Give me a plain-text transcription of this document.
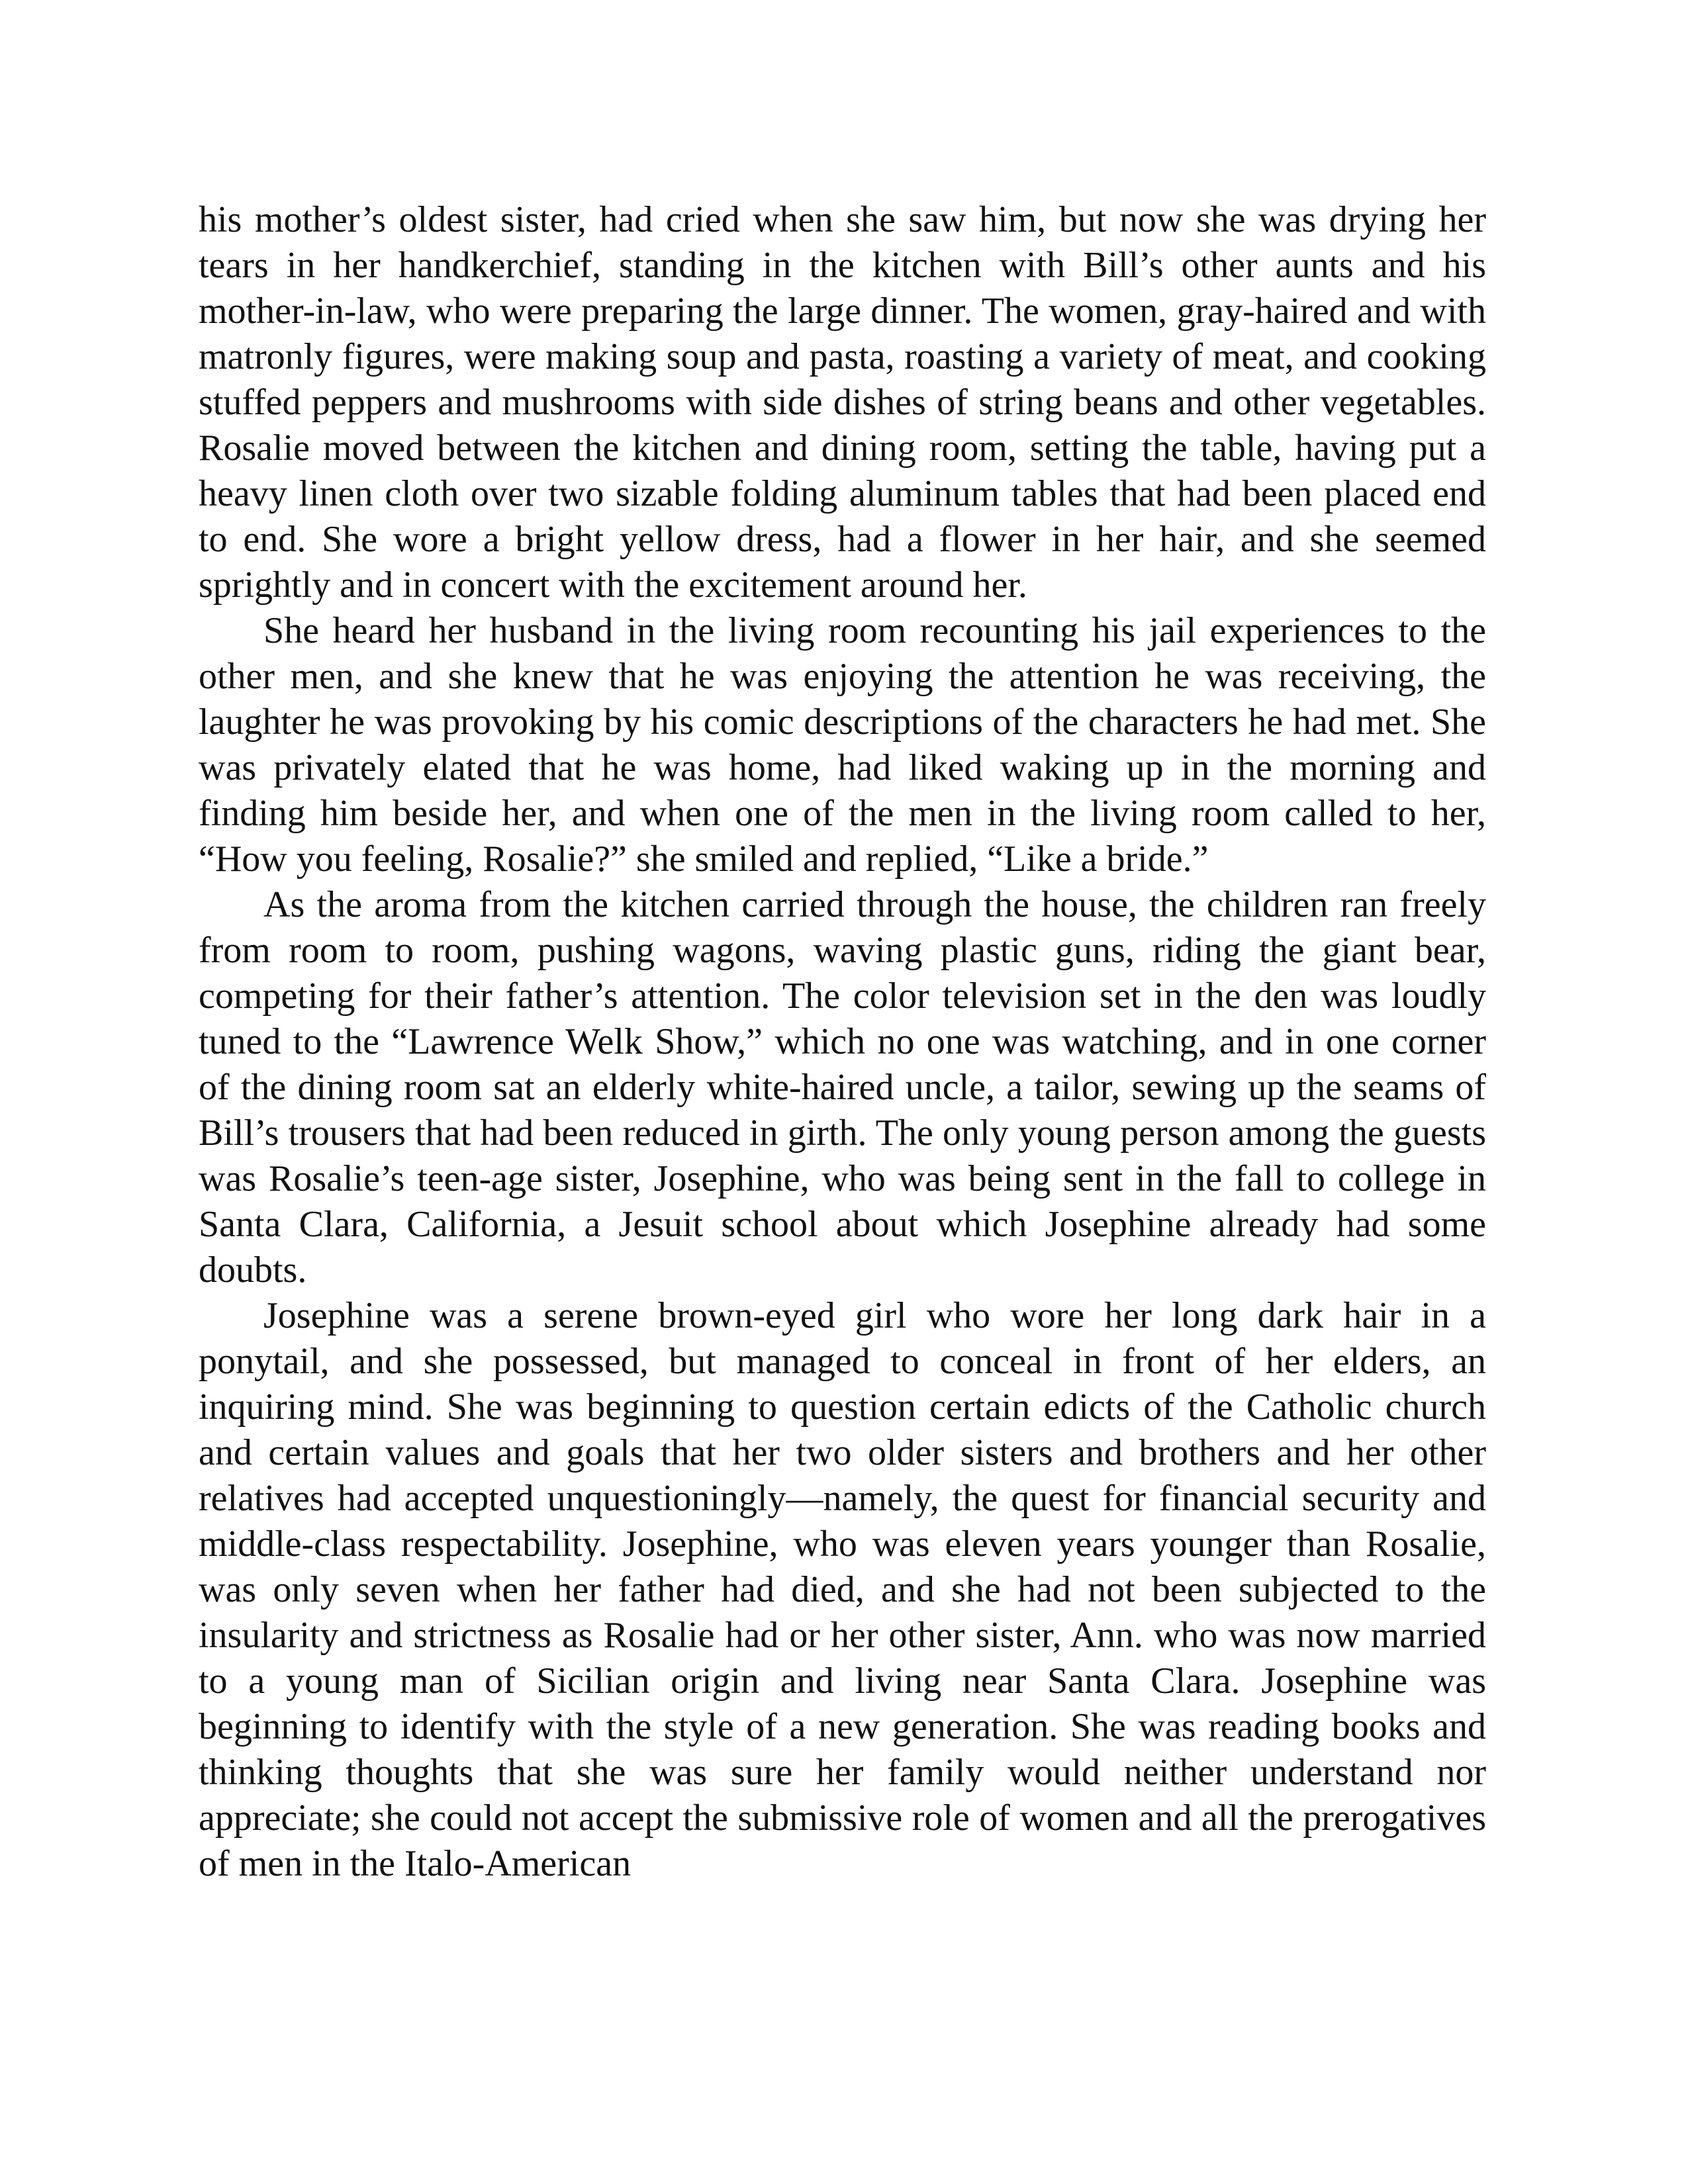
his mother’s oldest sister, had cried when she saw him, but now she was drying her tears in her handkerchief, standing in the kitchen with Bill’s other aunts and his mother-in-law, who were preparing the large dinner. The women, gray-haired and with matronly figures, were making soup and pasta, roasting a variety of meat, and cooking stuffed peppers and mushrooms with side dishes of string beans and other vegetables. Rosalie moved between the kitchen and dining room, setting the table, having put a heavy linen cloth over two sizable folding aluminum tables that had been placed end to end. She wore a bright yellow dress, had a flower in her hair, and she seemed sprightly and in concert with the excitement around her.

She heard her husband in the living room recounting his jail experiences to the other men, and she knew that he was enjoying the attention he was receiving, the laughter he was provoking by his comic descriptions of the characters he had met. She was privately elated that he was home, had liked waking up in the morning and finding him beside her, and when one of the men in the living room called to her, “How you feeling, Rosalie?” she smiled and replied, “Like a bride.”

As the aroma from the kitchen carried through the house, the children ran freely from room to room, pushing wagons, waving plastic guns, riding the giant bear, competing for their father’s attention. The color television set in the den was loudly tuned to the “Lawrence Welk Show,” which no one was watching, and in one corner of the dining room sat an elderly white-haired uncle, a tailor, sewing up the seams of Bill’s trousers that had been reduced in girth. The only young person among the guests was Rosalie’s teen-age sister, Josephine, who was being sent in the fall to college in Santa Clara, California, a Jesuit school about which Josephine already had some doubts.

Josephine was a serene brown-eyed girl who wore her long dark hair in a ponytail, and she possessed, but managed to conceal in front of her elders, an inquiring mind. She was beginning to question certain edicts of the Catholic church and certain values and goals that her two older sisters and brothers and her other relatives had accepted unquestioningly—namely, the quest for financial security and middle-class respectability. Josephine, who was eleven years younger than Rosalie, was only seven when her father had died, and she had not been subjected to the insularity and strictness as Rosalie had or her other sister, Ann. who was now married to a young man of Sicilian origin and living near Santa Clara. Josephine was beginning to identify with the style of a new generation. She was reading books and thinking thoughts that she was sure her family would neither understand nor appreciate; she could not accept the submissive role of women and all the prerogatives of men in the Italo-American
